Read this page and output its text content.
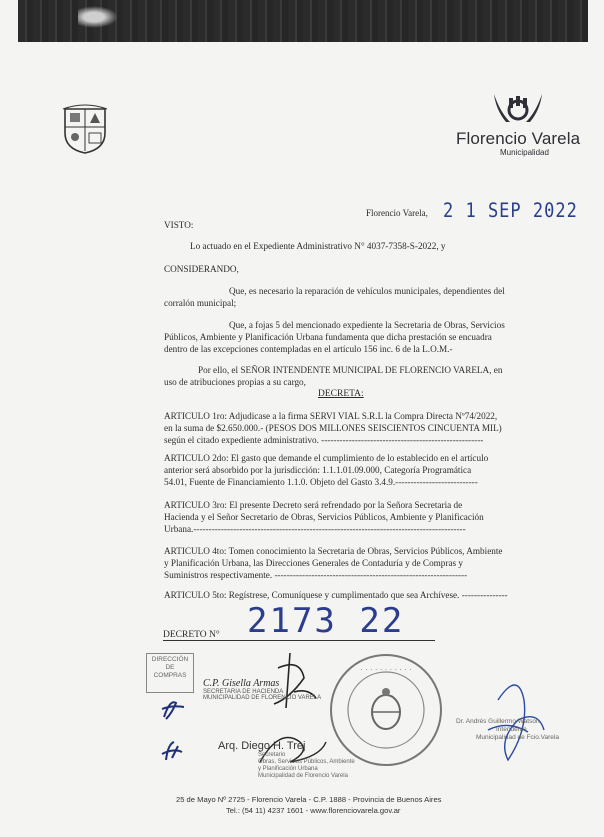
Florencio Varela
Municipalidad
Florencio Varela, 2 1 SEP 2022
VISTO:
Lo actuado en el Expediente Administrativo N° 4037-7358-S-2022, y
CONSIDERANDO,
Que, es necesario la reparación de vehículos municipales, dependientes del
corralón municipal;
Que, a fojas 5 del mencionado expediente la Secretaria de Obras, Servicios
Públicos, Ambiente y Planificación Urbana fundamenta que dicha prestación se encuadra
dentro de las excepciones contempladas en el artículo 156 inc. 6 de la L.O.M.-
Por ello, el SEÑOR INTENDENTE MUNICIPAL DE FLORENCIO VARELA, en
uso de atribuciones propias a su cargo,
DECRETA:
ARTICULO 1ro: Adjudicase a la firma SERVI VIAL S.R.L la Compra Directa Nº74/2022,
en la suma de $2.650.000.- (PESOS DOS MILLONES SEISCIENTOS CINCUENTA MIL)
según el citado expediente administrativo. -----------------------------------------------------
ARTICULO 2do: El gasto que demande el cumplimiento de lo establecido en el artículo
anterior será absorbido por la jurisdicción: 1.1.1.01.09.000, Categoría Programática
54.01, Fuente de Financiamiento 1.1.0. Objeto del Gasto 3.4.9.---------------------------
ARTICULO 3ro: El presente Decreto será refrendado por la Señora Secretaria de
Hacienda y el Señor Secretario de Obras, Servicios Públicos, Ambiente y Planificación
Urbana.-----------------------------------------------------------------------------------------
ARTICULO 4to: Tomen conocimiento la Secretaria de Obras, Servicios Públicos, Ambiente
y Planificación Urbana, las Direcciones Generales de Contaduría y de Compras y
Suministros respectivamente. ---------------------------------------------------------------
ARTICULO 5to: Regístrese, Comuníquese y cumplimentado que sea Archívese. ---------------
DECRETO N° 2173 22
DIRECCIÓN
DE
COMPRAS
C.P. Gisella Armas
SECRETARIA DE HACIENDA
MUNICIPALIDAD DE FLORENCIO VARELA
Arq. Diego H. Trej
Secretario
Obras, Servicios Públicos, Ambiente
y Planificación Urbana
Municipalidad de Florencio Varela
· · · · · · · · · · ·
Dr. Andrés Guillermo Watson
Intendente
Municipalidad de Fcio.Varela
25 de Mayo Nº 2725 - Florencio Varela - C.P. 1888 - Provincia de Buenos Aires
Tel.: (54 11) 4237 1601 - www.florenciovarela.gov.ar
